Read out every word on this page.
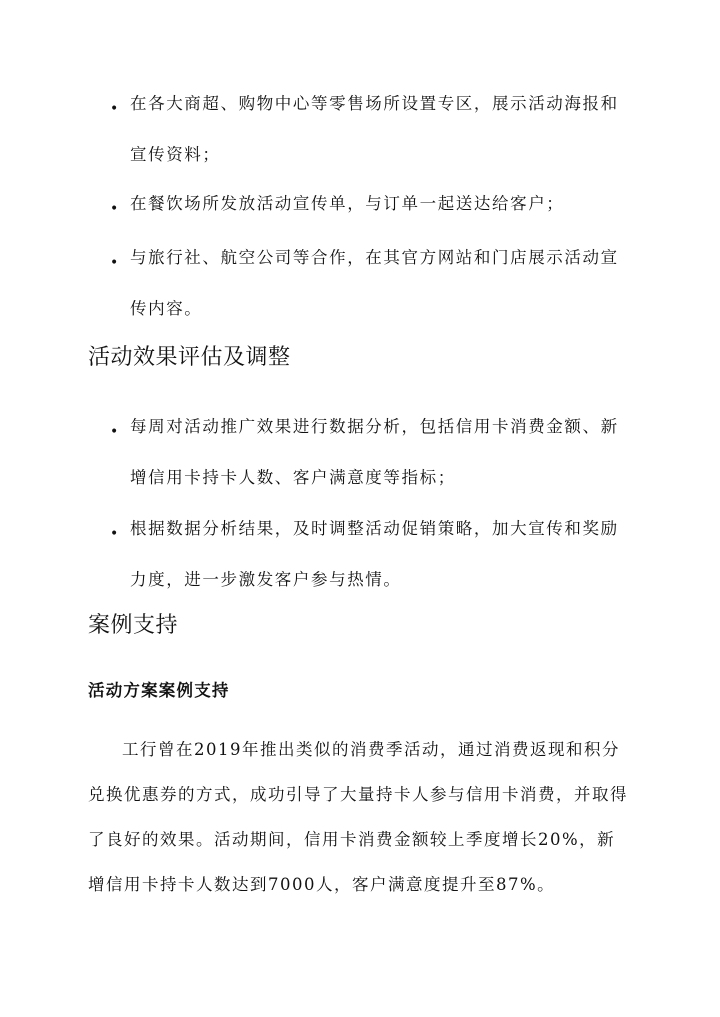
• 在各大商超、购物中心等零售场所设置专区，展示活动海报和宣传资料；
• 在餐饮场所发放活动宣传单，与订单一起送达给客户；
• 与旅行社、航空公司等合作，在其官方网站和门店展示活动宣传内容。
活动效果评估及调整
• 每周对活动推广效果进行数据分析，包括信用卡消费金额、新增信用卡持卡人数、客户满意度等指标；
• 根据数据分析结果，及时调整活动促销策略，加大宣传和奖励力度，进一步激发客户参与热情。
案例支持
活动方案案例支持

工行曾在2019年推出类似的消费季活动，通过消费返现和积分兑换优惠券的方式，成功引导了大量持卡人参与信用卡消费，并取得了良好的效果。活动期间，信用卡消费金额较上季度增长20%，新增信用卡持卡人数达到7000人，客户满意度提升至87%。
